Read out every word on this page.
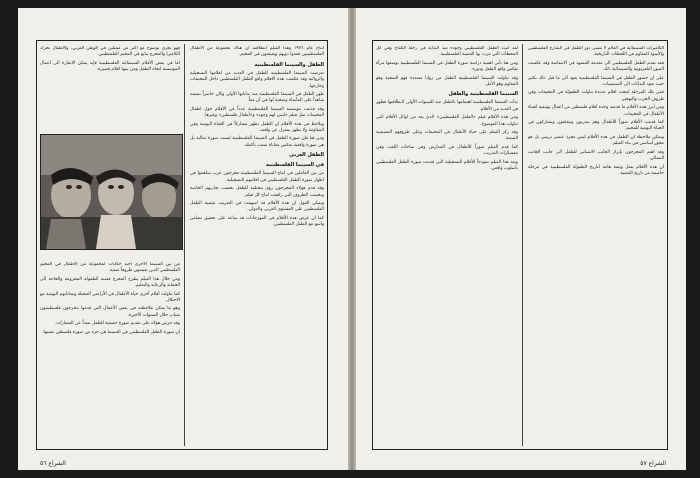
انتاج عام ١٩٧٦ وهذا الفيلم انطلاقته ان هناك مجموعة من الأطفال الفلسطينيين فقدوا ذويهم ويعيشون في المخيم.

الطفل والسينما الفلسطينية

تعرضت السينما الفلسطينية للطفل في العديد من افلامها التسجيلية والروائية وقد عكست هذه الافلام واقع الطفل الفلسطيني داخل المخيمات وخارجها.

ظهر الطفل في السينما الفلسطينية منذ بداياتها الأولى وكان حاضراً بصفته شاهداً على المأساة وضحية لها في آن معاً.

وقد قدمت مؤسسة السينما الفلسطينية عدداً من الأفلام حول اطفال المخيمات مثل فيلم «ليس لهم وجود» و«أطفال فلسطين» وغيرها.

ويلاحظ في هذه الأفلام ان الطفل يظهر مشاركاً في الحياة اليومية وفي المقاومة ولا يظهر بمعزل عن واقعه.

ومن هنا فإن صورة الطفل في السينما الفلسطينية ليست صورة مثالية بل هي صورة واقعية تعكس معاناة شعب بأكمله.

الطفل العربي
في السينما الفلسطينية

من بين العاملين في انتاج السينما الفلسطينية مخرجون عرب ساهموا في اظهار صورة الطفل الفلسطيني في افلامهم التسجيلية.

وقد قدم هؤلاء المخرجون رؤى مختلفة للطفل بحسب تجاربهم الخاصة وبحسب الظروف التي رافقت انتاج كل فيلم.

ويمكن القول ان هذه الأفلام قد اسهمت في التعريف بقضية الطفل الفلسطيني على المستوى العربي والدولي.

كما ان عرض هذه الأفلام في المهرجانات قد ساعد على تحقيق تضامن واسع مع الطفل الفلسطيني.

فهو يجري بوضوح مع اكثر من ممثلين في الوطن العربي، والاطفال تحرك الكاميرا والمخرج يتابع في المخيم الفلسطيني.

اما في بعض الأفلام السينمائية الفلسطينية فإنه يمكن الاشارة الى اعمال المؤسسة اتجاه الطفل ومن بينها افلام قصيرة.

من بين السينما الاخرى اجيد حكايات لمجموعة من الأطفال في المخيم الفلسطيني الذين يعيشون ظروفاً صعبة.

ومن خلال هذا الفيلم يطرح المخرج قضية الطفولة المحرومة والحاجة الى الحماية والرعاية والتعليم.

كما تناولت أفلام أخرى حياة الأطفال في الأراضي المحتلة ومعاناتهم اليومية مع الاحتلال.

وهو ما يمكن ملاحظته في بعض الأعمال التي قدمها مخرجون فلسطينيون شباب خلال السنوات الأخيرة.

وقد حرص هؤلاء على تقديم صورة حقيقية للطفل بعيداً عن الشعارات.

ان صورة الطفل الفلسطيني في السينما هي جزء من صورة فلسطين نفسها.

الشراع ٥٦

الكاميرات السينمائية في العالم لا تنسى دور الطفل في الشارع الفلسطيني والأسود المقاوم في اللحظات التاريخية.

فقد تقدم الطفل الفلسطيني الى مقدمة المشهد في الانتفاضة وقد عكست الصور التلفزيونية والسينمائية ذلك.

على ان حضور الطفل في السينما الفلسطينية يعود الى ما قبل ذلك بكثير حيث تعود البدايات الى السبعينيات.

ففي تلك المرحلة انتجت افلام عديدة تناولت الطفولة في المخيمات وفي ظروف الحرب والتهجير.

ومن أبرز هذه الأفلام ما قدمته وحدة أفلام فلسطين من اعمال توثيقية لحياة الأطفال في المخيمات.

كما قدمت الأفلام صوراً للأطفال وهم يتدربون ويتعلمون ويشاركون في الحياة اليومية للمخيم.

ويمكن ملاحظة ان الطفل في هذه الأفلام ليس مجرد عنصر تزييني بل هو محور أساسي في بناء الفيلم.

وقد اهتم المخرجون بإبراز الجانب الانساني للطفل الى جانب الجانب النضالي.

ان هذه الأفلام تمثل وثيقة هامة لتاريخ الطفولة الفلسطينية في مرحلة حاسمة من تاريخ القضية.

لقد اثبت الطفل الفلسطيني وجوده منذ البداية في رحلة الكفاح وفي كل المحطات التي مرت بها القضية الفلسطينية.

ومن هنا تأتي اهمية دراسة صورة الطفل في السينما الفلسطينية بوصفها مرآة تعكس واقع الطفل ودوره.

وقد تناولت السينما الفلسطينية الطفل من زوايا متعددة فهو الضحية وهو المقاوم وهو الأمل.

السينما الفلسطينية والطفل

بدأت السينما الفلسطينية اهتمامها بالطفل منذ السنوات الأولى لانطلاقتها فظهر في العديد من الأفلام.

ومن هذه الأفلام فيلم «الطفل الفلسطيني» الذي يعد من اوائل الأفلام التي تناولت هذا الموضوع.

وقد ركز الفيلم على حياة الأطفال في المخيمات وعلى ظروفهم المعيشية الصعبة.

كما قدم الفيلم صوراً للأطفال في المدارس وفي ساحات اللعب وفي معسكرات التدريب.

ويعد هذا الفيلم نموذجاً للأفلام التسجيلية التي قدمت صورة الطفل الفلسطيني بأسلوب واقعي.

الشراع ٥٧
